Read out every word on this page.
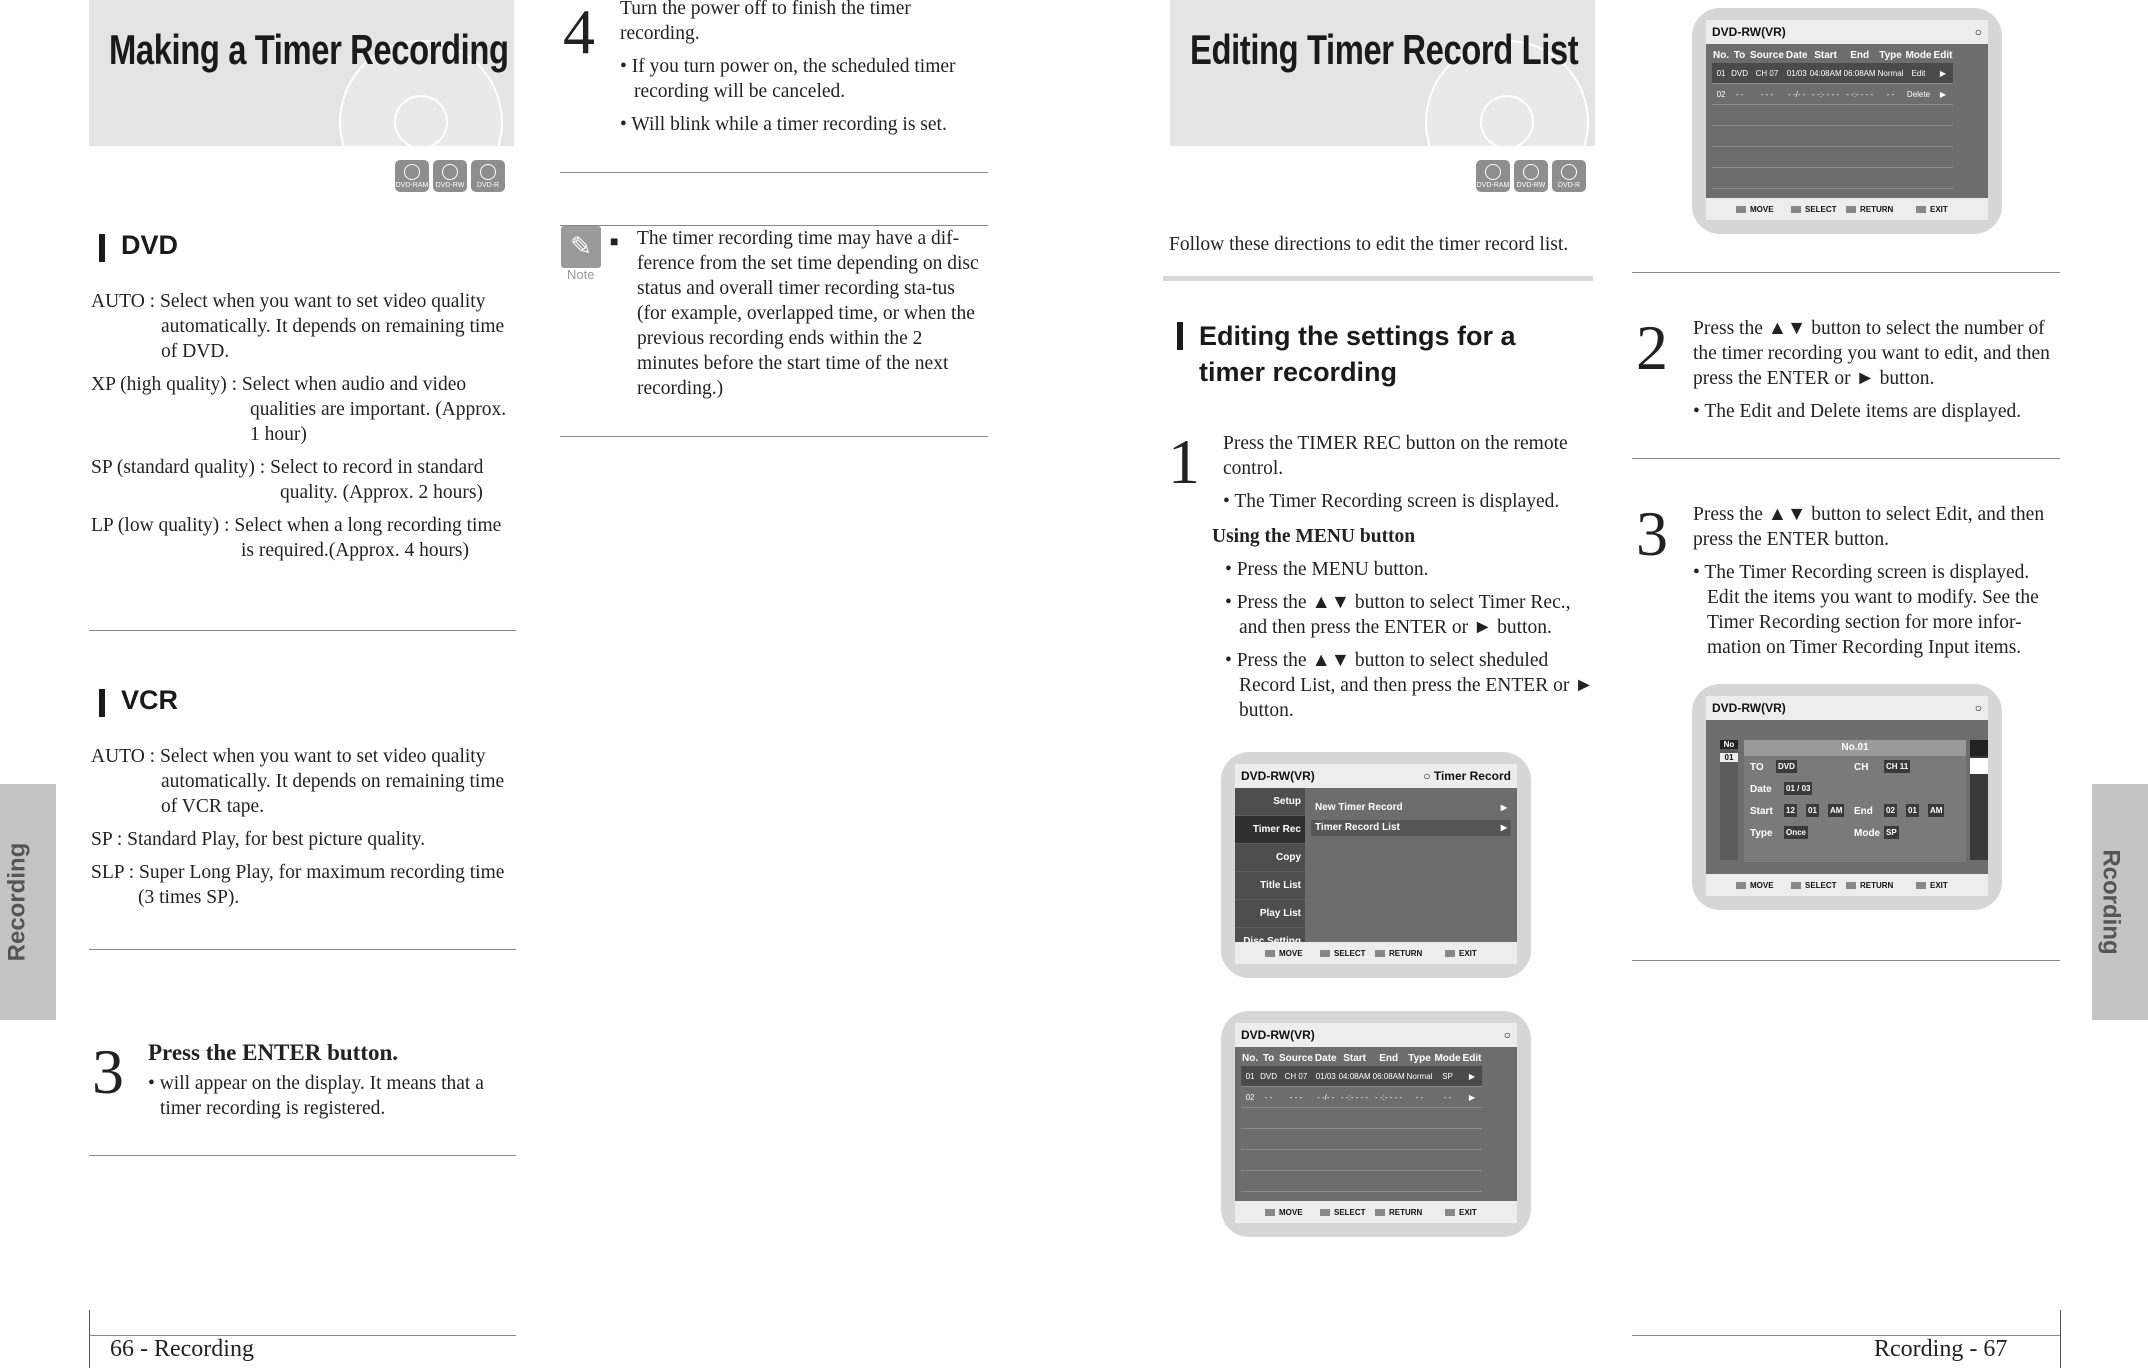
Making a Timer Recording
DVD-RAM DVD-RW DVD-R
DVD

AUTO : Select when you want to set video quality automatically. It depends on remaining time of DVD.

XP (high quality) : Select when audio and video qualities are important. (Approx. 1 hour)

SP (standard quality) : Select to record in standard quality. (Approx. 2 hours)

LP (low quality) : Select when a long recording time is required.(Approx. 4 hours)

VCR

AUTO : Select when you want to set video quality automatically. It depends on remaining time of VCR tape.

SP : Standard Play, for best picture quality.

SLP : Super Long Play, for maximum recording time (3 times SP).

3 Press the ENTER button.

• will appear on the display. It means that a timer recording is registered.

4 Turn the power off to finish the timer recording.

• If you turn power on, the scheduled timer recording will be canceled.

• Will blink while a timer recording is set.

✎
Note
■ The timer recording time may have a dif-ference from the set time depending on disc status and overall timer recording sta-tus (for example, overlapped time, or when the previous recording ends within the 2 minutes before the start time of the next recording.)
Recording
66 - Recording
Editing Timer Record List
DVD-RAM DVD-RW DVD-R
Follow these directions to edit the timer record list.
Editing the settings for a
timer recording
1 Press the TIMER REC button on the remote control.

• The Timer Recording screen is displayed.

Using the MENU button

• Press the MENU button.

• Press the ▲▼ button to select Timer Rec., and then press the ENTER or ► button.

• Press the ▲▼ button to select sheduled Record List, and then press the ENTER or ► button.

DVD-RW(VR)	○ Timer Record
Setup
Timer Rec
Copy
Title List
Play List
New Timer Record ▶
Timer Record List ▶
MOVE	SELECT	RETURN	EXIT
DVD-RW(VR)	○
No.	To	Source	Date	Start	End	Type	Mode	Edit
01	DVD	CH 07	01/03	04:08AM	06:08AM	Normal	SP	▶
02	- -	- - -	- -/- -	- -:- - - -	- -:- - - -	- -	- -	▶

MOVE	SELECT	RETURN	EXIT
DVD-RW(VR)	○
No.	To	Source	Date	Start	End	Type	Mode	Edit
01	DVD	CH 07	01/03	04:08AM	06:08AM	Normal	Edit	▶
02	- -	- - -	- -/- -	- -:- - - -	- -:- - - -	- -	Delete	▶

MOVE	SELECT	RETURN	EXIT
2 Press the ▲▼ button to select the number of the timer recording you want to edit, and then press the ENTER or ► button.

• The Edit and Delete items are displayed.

3 Press the ▲▼ button to select Edit, and then press the ENTER button.

• The Timer Recording screen is displayed. Edit the items you want to modify. See the Timer Recording section for more infor-mation on Timer Recording Input items.

DVD-RW(VR)	○
No
01
No.01
TO DVD	CH CH 11
Date 01 / 03
Start 12 01 AM End 02 01 AM
Type Once	Mode SP
MOVE	SELECT	RETURN	EXIT	Rcording
Rcording - 67
